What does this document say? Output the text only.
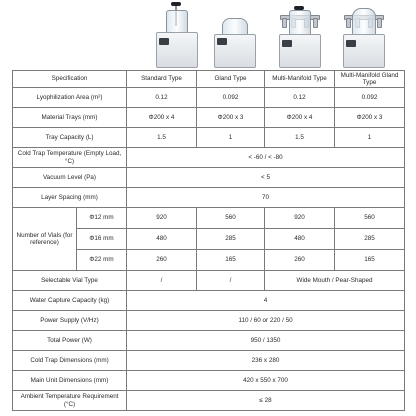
Specification		Standard Type	Gland Type	Multi-Manifold Type	Multi-Manifold Gland Type
Lyophilization Area (m²)		0.12	0.092	0.12	0.092
Material Trays (mm)		Φ200 x 4	Φ200 x 3	Φ200 x 4	Φ200 x 3
Tray Capacity (L)		1.5	1	1.5	1
Cold Trap Temperature (Empty Load, °C)		< -60 / < -80			
Vacuum Level (Pa)		< 5			
Layer Spacing (mm)		70			
Number of Vials (for reference)	Φ12 mm	920	560	920	560
	Φ16 mm	480	285	480	285
	Φ22 mm	260	165	260	165
Selectable Vial Type		/	/	Wide Mouth / Pear-Shaped	
Water Capture Capacity (kg)		4			
Power Supply (V/Hz)		110 / 60 or 220 / 50			
Total Power (W)		950 / 1350			
Cold Trap Dimensions (mm)		236 x 280			
Main Unit Dimensions (mm)		420 x 550 x 700			
Ambient Temperature Requirement (°C)		≤ 28			
